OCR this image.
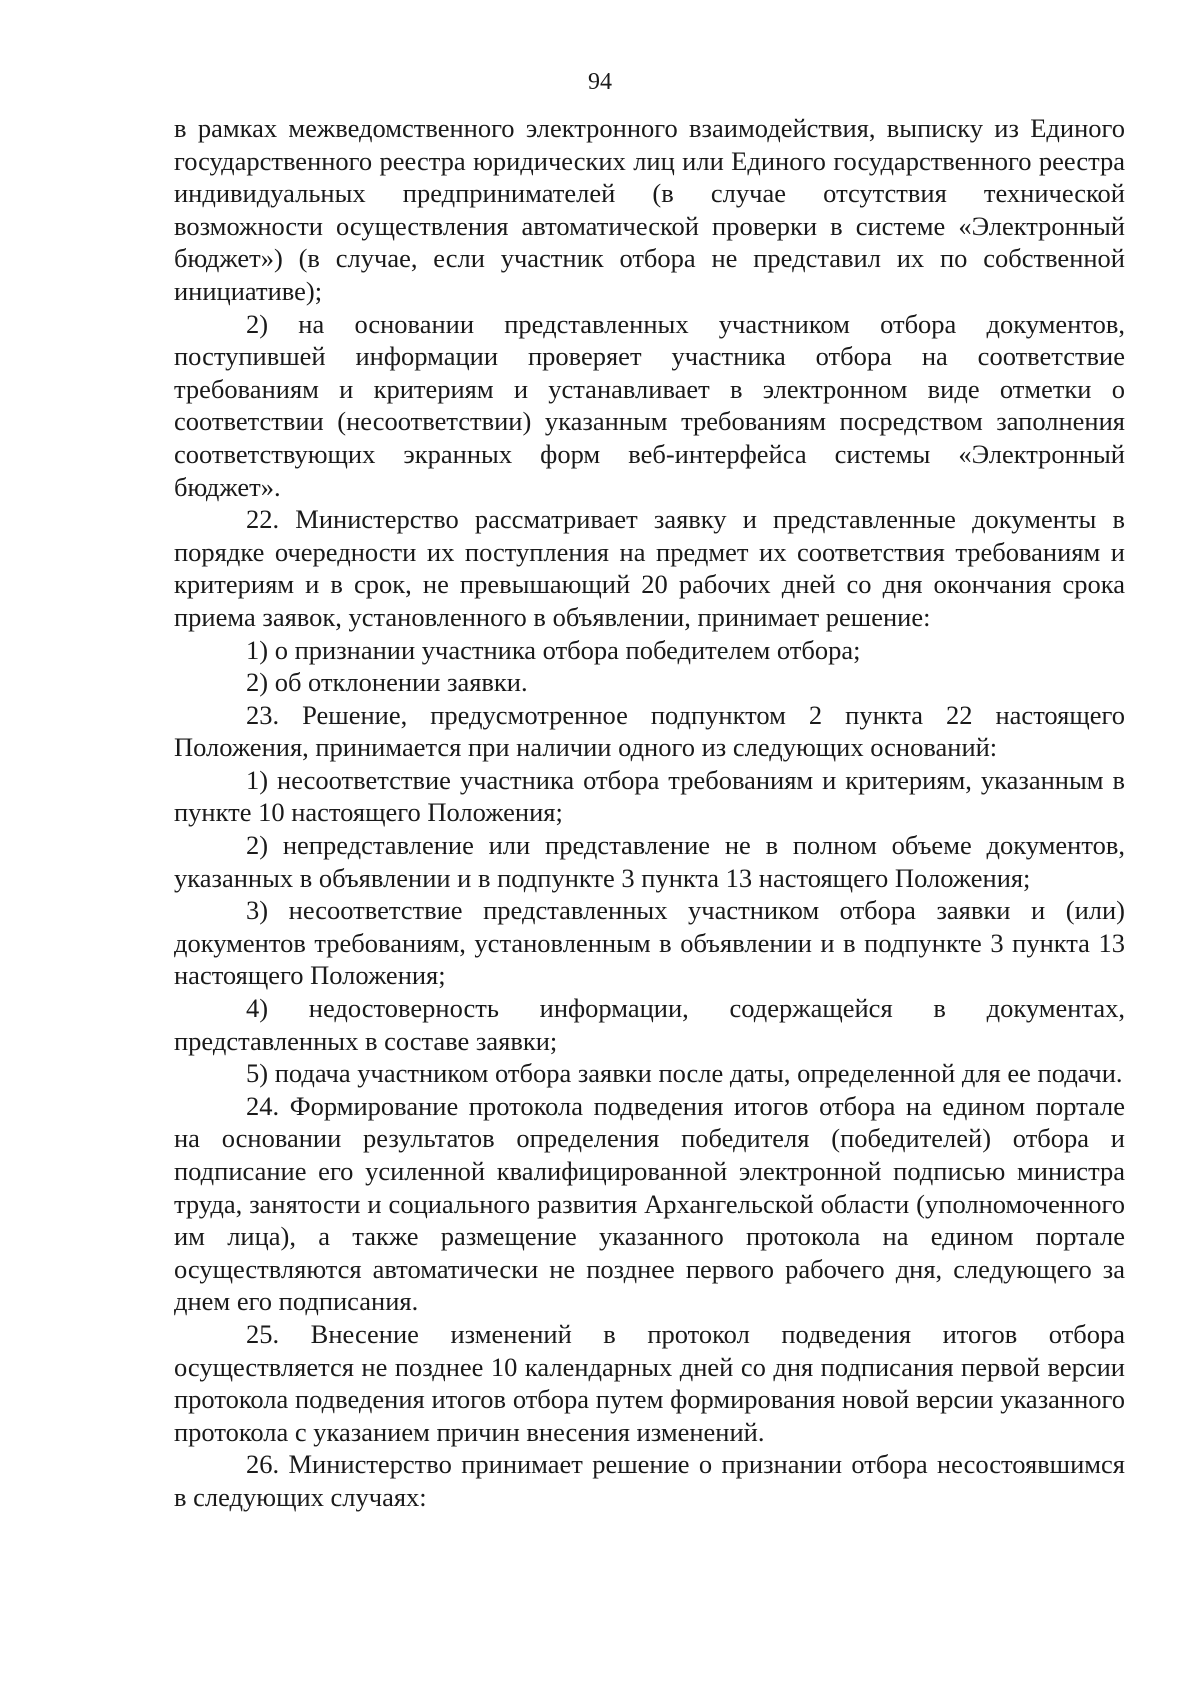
94

в рамках межведомственного электронного взаимодействия, выписку из Единого государственного реестра юридических лиц или Единого государственного реестра индивидуальных предпринимателей (в случае отсутствия технической возможности осуществления автоматической проверки в системе «Электронный бюджет») (в случае, если участник отбора не представил их по собственной инициативе);

2) на основании представленных участником отбора документов, поступившей информации проверяет участника отбора на соответствие требованиям и критериям и устанавливает в электронном виде отметки о соответствии (несоответствии) указанным требованиям посредством заполнения соответствующих экранных форм веб-интерфейса системы «Электронный бюджет».

22. Министерство рассматривает заявку и представленные документы в порядке очередности их поступления на предмет их соответствия требованиям и критериям и в срок, не превышающий 20 рабочих дней со дня окончания срока приема заявок, установленного в объявлении, принимает решение:

1) о признании участника отбора победителем отбора;

2) об отклонении заявки.

23. Решение, предусмотренное подпунктом 2 пункта 22 настоящего Положения, принимается при наличии одного из следующих оснований:

1) несоответствие участника отбора требованиям и критериям, указанным в пункте 10 настоящего Положения;

2) непредставление или представление не в полном объеме документов, указанных в объявлении и в подпункте 3 пункта 13 настоящего Положения;

3) несоответствие представленных участником отбора заявки и (или) документов требованиям, установленным в объявлении и в подпункте 3 пункта 13 настоящего Положения;

4) недостоверность информации, содержащейся в документах, представленных в составе заявки;

5) подача участником отбора заявки после даты, определенной для ее подачи.

24. Формирование протокола подведения итогов отбора на едином портале на основании результатов определения победителя (победителей) отбора и подписание его усиленной квалифицированной электронной подписью министра труда, занятости и социального развития Архангельской области (уполномоченного им лица), а также размещение указанного протокола на едином портале осуществляются автоматически не позднее первого рабочего дня, следующего за днем его подписания.

25. Внесение изменений в протокол подведения итогов отбора осуществляется не позднее 10 календарных дней со дня подписания первой версии протокола подведения итогов отбора путем формирования новой версии указанного протокола с указанием причин внесения изменений.

26. Министерство принимает решение о признании отбора несостоявшимся в следующих случаях:
